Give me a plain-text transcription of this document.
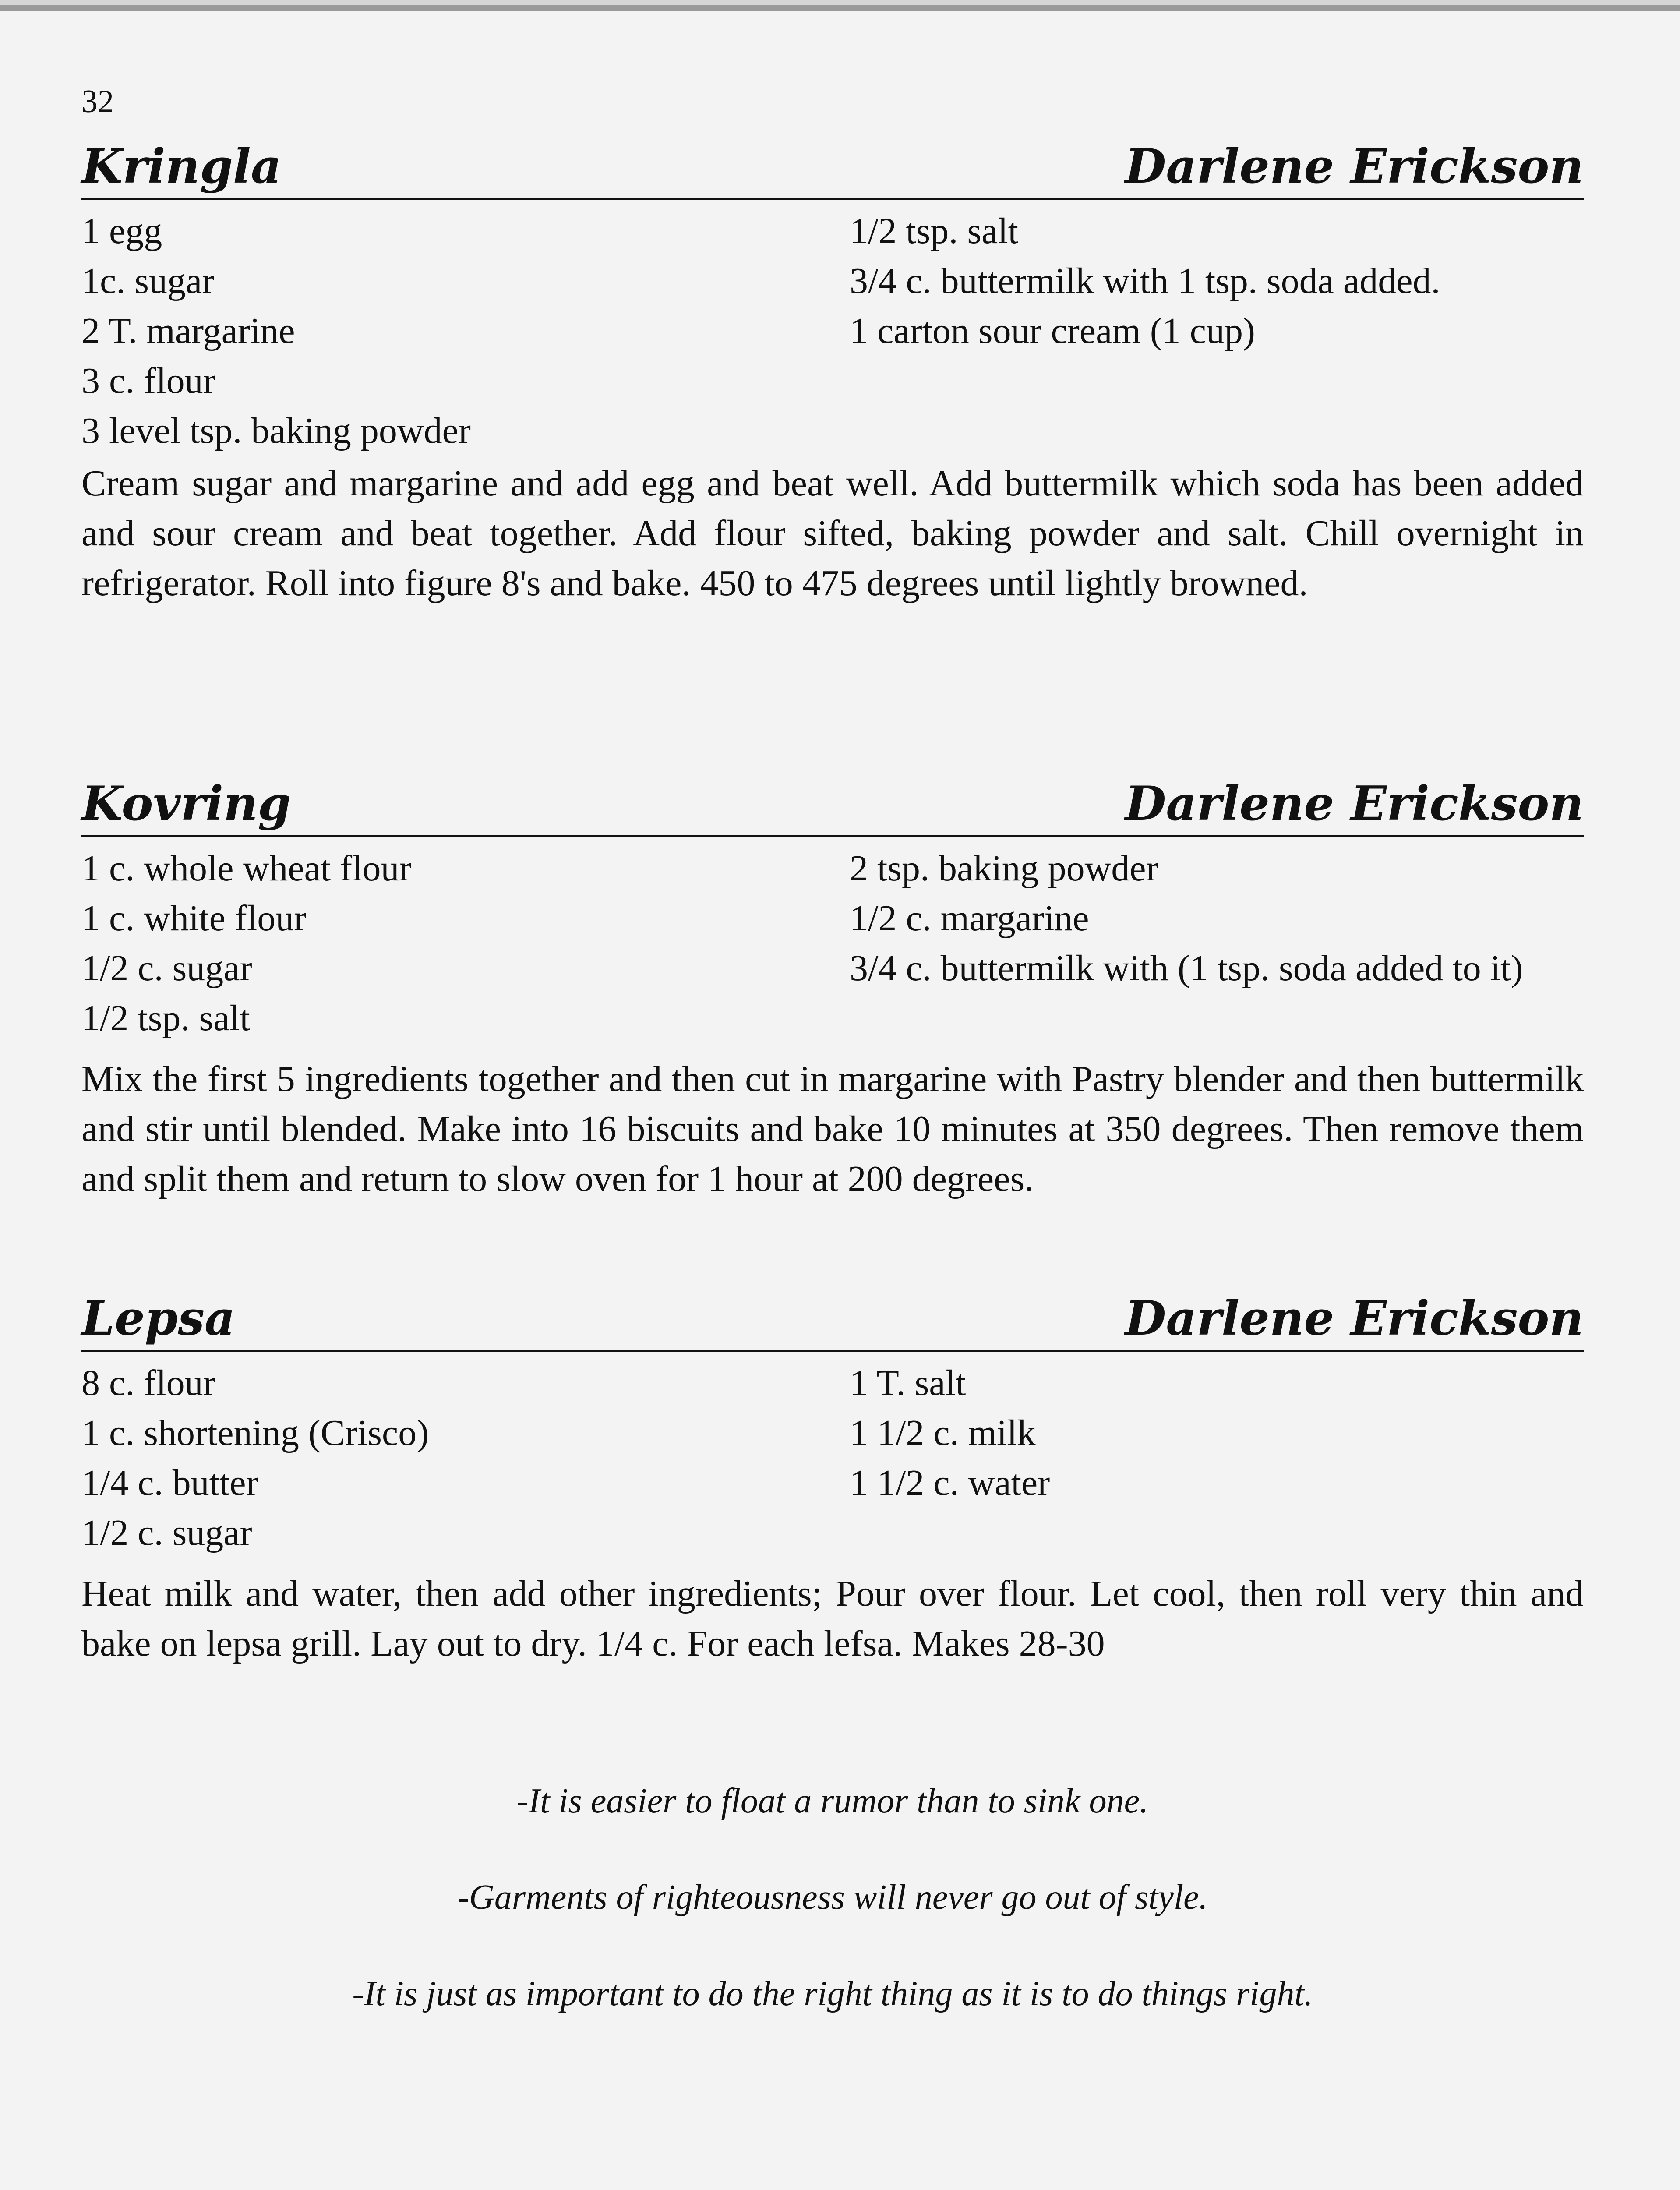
32
Kringla	Darlene Erickson
1 egg
1c. sugar
2 T. margarine
3 c. flour
3 level tsp. baking powder
1/2 tsp. salt
3/4 c. buttermilk with 1 tsp. soda added.
1 carton sour cream (1 cup)
Cream sugar and margarine and add egg and beat well. Add buttermilk which soda has been added and sour cream and beat together. Add flour sifted, baking powder and salt. Chill overnight in refrigerator. Roll into figure 8's and bake. 450 to 475 degrees until lightly browned.
Kovring	Darlene Erickson
1 c. whole wheat flour
1 c. white flour
1/2 c. sugar
1/2 tsp. salt
2 tsp. baking powder
1/2 c. margarine
3/4 c. buttermilk with (1 tsp. soda added to it)
Mix the first 5 ingredients together and then cut in margarine with Pastry blender and then buttermilk and stir until blended. Make into 16 biscuits and bake 10 minutes at 350 degrees. Then remove them and split them and return to slow oven for 1 hour at 200 degrees.
Lepsa	Darlene Erickson
8 c. flour
1 c. shortening (Crisco)
1/4 c. butter
1/2 c. sugar
1 T. salt
1 1/2 c. milk
1 1/2 c. water
Heat milk and water, then add other ingredients; Pour over flour. Let cool, then roll very thin and bake on lepsa grill. Lay out to dry. 1/4 c. For each lefsa. Makes 28-30
-It is easier to float a rumor than to sink one.
-Garments of righteousness will never go out of style.
-It is just as important to do the right thing as it is to do things right.
